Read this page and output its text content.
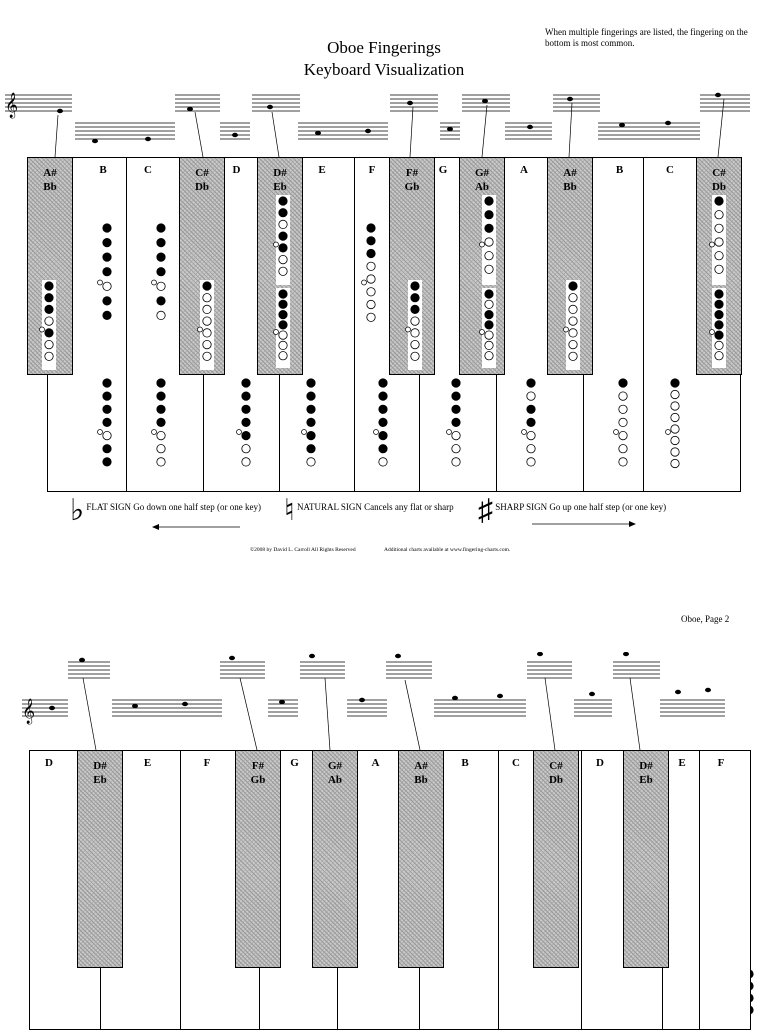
Oboe Fingerings
Keyboard Visualization
When multiple fingerings are listed, the fingering on the bottom is most common.
𝄞
B	C	D	E	F	G	A	B	C
A#
Bb
C#
Db
D#
Eb
F#
Gb
G#
Ab
A#
Bb
C#
Db
♭ FLAT SIGN Go down one half step (or one key) ♮ NATURAL SIGN Cancels any flat or sharp ♯ SHARP SIGN Go up one half step (or one key)
©2008 by David L. Carroll All Rights Reserved	Additional charts available at www.fingering-charts.com.
Oboe, Page 2
𝄞
D	E	F	G	A	B	C	D	E	F
D#
Eb
F#
Gb
G#
Ab
A#
Bb
C#
Db
D#
Eb
